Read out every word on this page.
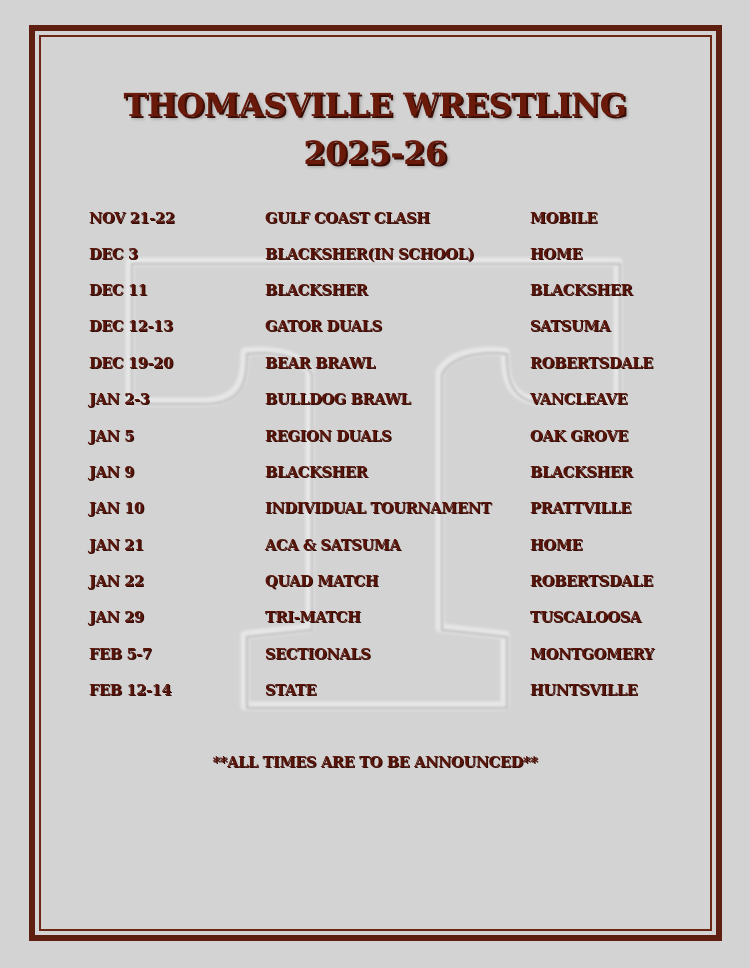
THOMASVILLE WRESTLING
2025-26
NOV 21-22	GULF COAST CLASH	MOBILE
DEC 3	BLACKSHER(IN SCHOOL)	HOME
DEC 11	BLACKSHER	BLACKSHER
DEC 12-13	GATOR DUALS	SATSUMA
DEC 19-20	BEAR BRAWL	ROBERTSDALE
JAN 2-3	BULLDOG BRAWL	VANCLEAVE
JAN 5	REGION DUALS	OAK GROVE
JAN 9	BLACKSHER	BLACKSHER
JAN 10	INDIVIDUAL TOURNAMENT	PRATTVILLE
JAN 21	ACA & SATSUMA	HOME
JAN 22	QUAD MATCH	ROBERTSDALE
JAN 29	TRI-MATCH	TUSCALOOSA
FEB 5-7	SECTIONALS	MONTGOMERY
FEB 12-14	STATE	HUNTSVILLE
**ALL TIMES ARE TO BE ANNOUNCED**
